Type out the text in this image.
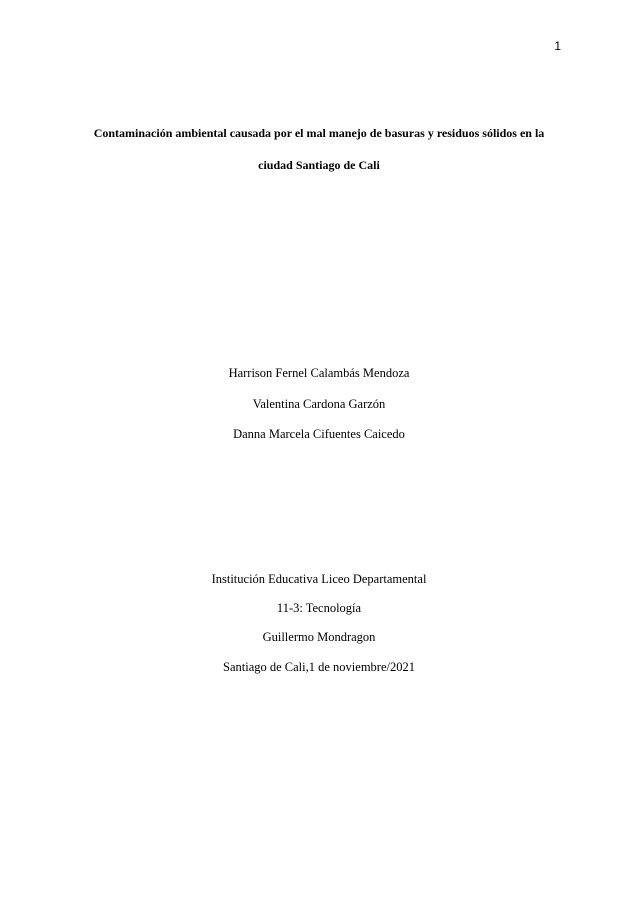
1
Contaminación ambiental causada por el mal manejo de basuras y residuos sólidos en la
ciudad Santiago de Cali
Harrison Fernel Calambás Mendoza
Valentina Cardona Garzón
Danna Marcela Cifuentes Caicedo
Institución Educativa Liceo Departamental
11-3: Tecnología
Guillermo Mondragon
Santiago de Cali,1 de noviembre/2021
